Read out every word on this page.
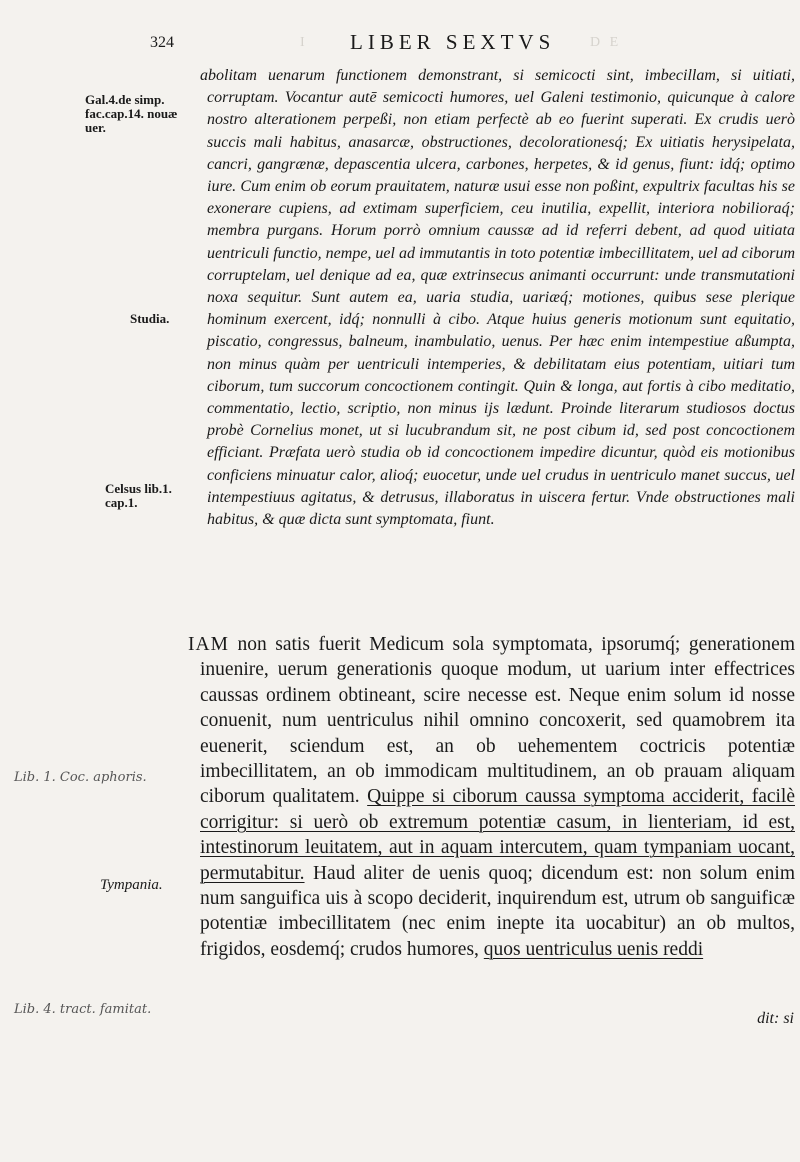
I	D E
324	LIBER SEXTVS
Gal.4.de simp. fac.cap.14. nouæ uer.
Studia.
Celsus lib.1. cap.1.
Tympania.
Lib. 1. Coc. aphoris.
Lib. 4. tract. famitat.

abolitam uenarum functionem demonstrant, si semicocti sint, imbecillam, si uitiati, corruptam. Vocantur autē semicocti humores, uel Galeni testimonio, quicunque à calore nostro alterationem perpeßi, non etiam perfectè ab eo fuerint superati. Ex crudis uerò succis mali habitus, anasarcæ, obstructiones, decolorationesq́; Ex uitiatis herysipelata, cancri, gangrænæ, depascentia ulcera, carbones, herpetes, & id genus, fiunt: idq́; optimo iure. Cum enim ob eorum prauitatem, naturæ usui esse non poßint, expultrix facultas his se exonerare cupiens, ad extimam superficiem, ceu inutilia, expellit, interiora nobilioraq́; membra purgans. Horum porrò omnium caussæ ad id referri debent, ad quod uitiata uentriculi functio, nempe, uel ad immutantis in toto potentiæ imbecillitatem, uel ad ciborum corruptelam, uel denique ad ea, quæ extrinsecus animanti occurrunt: unde transmutationi noxa sequitur. Sunt autem ea, uaria studia, uariæq́; motiones, quibus sese plerique hominum exercent, idq́; nonnulli à cibo. Atque huius generis motionum sunt equitatio, piscatio, congressus, balneum, inambulatio, uenus. Per hæc enim intempestiue aßumpta, non minus quàm per uentriculi intemperies, & debilitatam eius potentiam, uitiari tum ciborum, tum succorum concoctionem contingit. Quin & longa, aut fortis à cibo meditatio, commentatio, lectio, scriptio, non minus ijs lædunt. Proinde literarum studiosos doctus probè Cornelius monet, ut si lucubrandum sit, ne post cibum id, sed post concoctionem efficiant. Præfata uerò studia ob id concoctionem impedire dicuntur, quòd eis motionibus conficiens minuatur calor, alioq́; euocetur, unde uel crudus in uentriculo manet succus, uel intempestiuus agitatus, & detrusus, illaboratus in uiscera fertur. Vnde obstructiones mali habitus, & quæ dicta sunt symptomata, fiunt.

IAM non satis fuerit Medicum sola symptomata, ipsorumq́; generationem inuenire, uerum generationis quoque modum, ut uarium inter effectrices caussas ordinem obtineant, scire necesse est. Neque enim solum id nosse conuenit, num uentriculus nihil omnino concoxerit, sed quamobrem ita euenerit, sciendum est, an ob uehementem coctricis potentiæ imbecillitatem, an ob immodicam multitudinem, an ob prauam aliquam ciborum qualitatem. Quippe si ciborum caussa symptoma acciderit, facilè corrigitur: si uerò ob extremum potentiæ casum, in lienteriam, id est, intestinorum leuitatem, aut in aquam intercutem, quam tympaniam uocant, permutabitur. Haud aliter de uenis quoq; dicendum est: non solum enim num sanguifica uis à scopo deciderit, inquirendum est, utrum ob sanguificæ potentiæ imbecillitatem (nec enim inepte ita uocabitur) an ob multos, frigidos, eosdemq́; crudos humores, quos uentriculus uenis reddi

dit: si
